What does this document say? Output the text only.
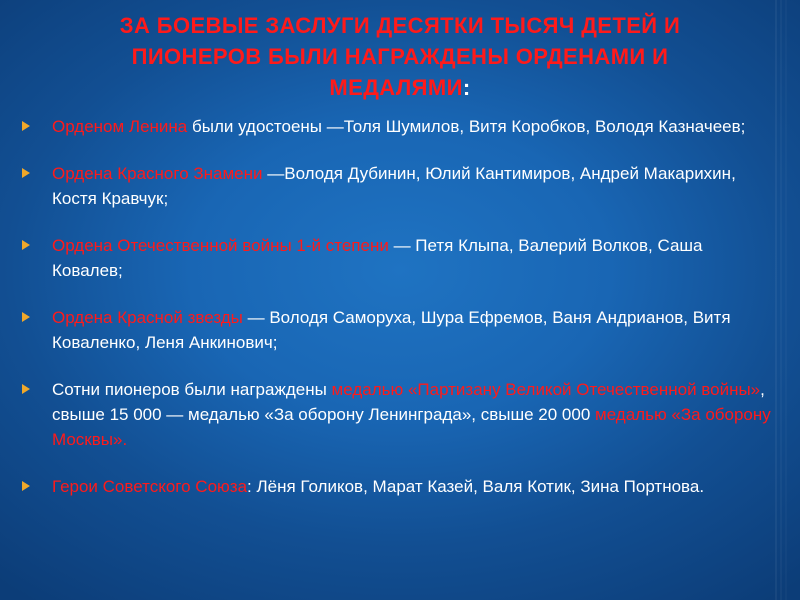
ЗА БОЕВЫЕ ЗАСЛУГИ ДЕСЯТКИ ТЫСЯЧ ДЕТЕЙ И ПИОНЕРОВ БЫЛИ НАГРАЖДЕНЫ ОРДЕНАМИ И МЕДАЛЯМИ:
Орденом Ленина были удостоены —Толя Шумилов, Витя Коробков, Володя Казначеев;
Ордена Красного Знамени —Володя Дубинин, Юлий Кантимиров, Андрей Макарихин, Костя Кравчук;
Ордена Отечественной войны 1-й степени — Петя Клыпа, Валерий Волков, Саша Ковалев;
Ордена Красной звезды — Володя Саморуха, Шура Ефремов, Ваня Андрианов, Витя Коваленко, Леня Анкинович;
Сотни пионеров были награждены медалью «Партизану Великой Отечественной войны», свыше 15 000 — медалью «За оборону Ленинграда», свыше 20 000 медалью «За оборону Москвы».
Герои Советского Союза: Лёня Голиков, Марат Казей, Валя Котик, Зина Портнова.
